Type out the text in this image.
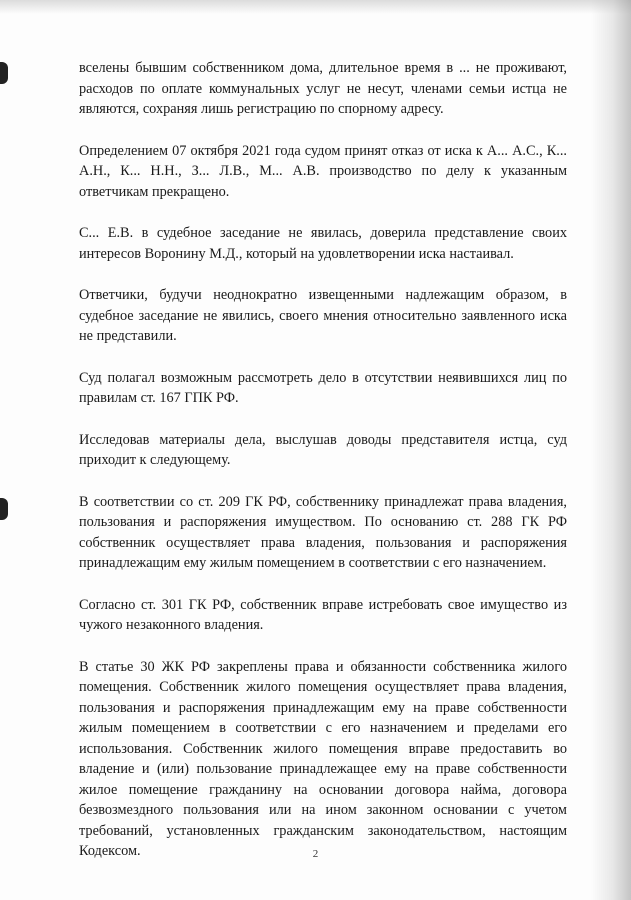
вселены бывшим собственником дома, длительное время в ... не проживают, расходов по оплате коммунальных услуг не несут, членами семьи истца не являются, сохраняя лишь регистрацию по спорному адресу.

Определением 07 октября 2021 года судом принят отказ от иска к А... А.С., К... А.Н., К... Н.Н., З... Л.В., М... А.В. производство по делу к указанным ответчикам прекращено.

С... Е.В. в судебное заседание не явилась, доверила представление своих интересов Воронину М.Д., который на удовлетворении иска настаивал.

Ответчики, будучи неоднократно извещенными надлежащим образом, в судебное заседание не явились, своего мнения относительно заявленного иска не представили.

Суд полагал возможным рассмотреть дело в отсутствии неявившихся лиц по правилам ст. 167 ГПК РФ.

Исследовав материалы дела, выслушав доводы представителя истца, суд приходит к следующему.

В соответствии со ст. 209 ГК РФ, собственнику принадлежат права владения, пользования и распоряжения имуществом. По основанию ст. 288 ГК РФ собственник осуществляет права владения, пользования и распоряжения принадлежащим ему жилым помещением в соответствии с его назначением.

Согласно ст. 301 ГК РФ, собственник вправе истребовать свое имущество из чужого незаконного владения.

В статье 30 ЖК РФ закреплены права и обязанности собственника жилого помещения. Собственник жилого помещения осуществляет права владения, пользования и распоряжения принадлежащим ему на праве собственности жилым помещением в соответствии с его назначением и пределами его использования. Собственник жилого помещения вправе предоставить во владение и (или) пользование принадлежащее ему на праве собственности жилое помещение гражданину на основании договора найма, договора безвозмездного пользования или на ином законном основании с учетом требований, установленных гражданским законодательством, настоящим Кодексом.	2
